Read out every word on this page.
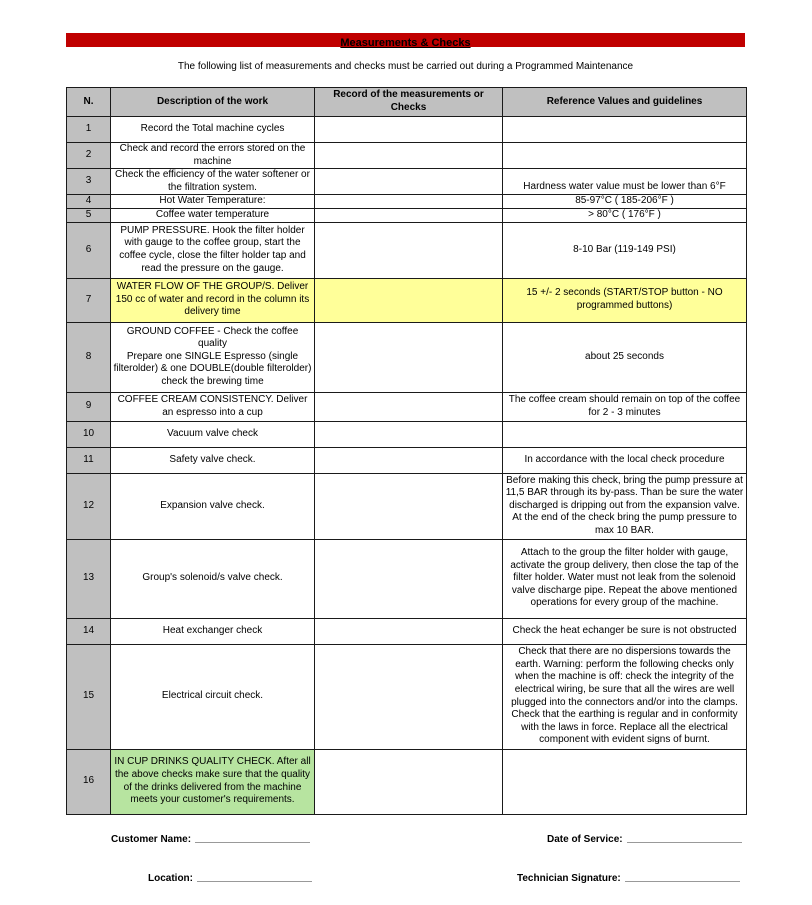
Measurements & Checks
The following list of measurements and checks must be carried out during a Programmed Maintenance
N.	Description of the work	Record of the measurements or Checks	Reference Values and guidelines
1	Record the Total machine cycles		
2	Check and record the errors stored on the machine		
3	Check the efficiency of the water softener or the filtration system.		Hardness water value must be lower than 6°F
4	Hot Water Temperature:		85-97°C ( 185-206°F )
5	Coffee water temperature		> 80°C ( 176°F )
6	PUMP PRESSURE. Hook the filter holder with gauge to the coffee group, start the coffee cycle, close the filter holder tap and read the pressure on the gauge.		8-10 Bar (119-149 PSI)
7	WATER FLOW OF THE GROUP/S. Deliver 150 cc of water and record in the column its delivery time		15 +/- 2 seconds (START/STOP button - NO programmed buttons)
8	GROUND COFFEE - Check the coffee quality
Prepare one SINGLE Espresso (single filterolder) & one DOUBLE(double filterolder) check the brewing time		about 25 seconds
9	COFFEE CREAM CONSISTENCY. Deliver an espresso into a cup		The coffee cream should remain on top of the coffee for 2 - 3 minutes
10	Vacuum valve check		
11	Safety valve check.		In accordance with the local check procedure
12	Expansion valve check.		Before making this check, bring the pump pressure at 11,5 BAR through its by-pass. Than be sure the water discharged is dripping out from the expansion valve. At the end of the check bring the pump pressure to max 10 BAR.
13	Group's solenoid/s valve check.		Attach to the group the filter holder with gauge, activate the group delivery, then close the tap of the filter holder. Water must not leak from the solenoid valve discharge pipe. Repeat the above mentioned operations for every group of the machine.
14	Heat exchanger check		Check the heat echanger be sure is not obstructed
15	Electrical circuit check.		Check that there are no dispersions towards the earth. Warning: perform the following checks only when the machine is off: check the integrity of the electrical wiring, be sure that all the wires are well plugged into the connectors and/or into the clamps. Check that the earthing is regular and in conformity with the laws in force. Replace all the electrical component with evident signs of burnt.
16	IN CUP DRINKS QUALITY CHECK. After all the above checks make sure that the quality of the drinks delivered from the machine meets your customer's requirements.		
Customer Name:	Date of Service:
Location:	Technician Signature:
